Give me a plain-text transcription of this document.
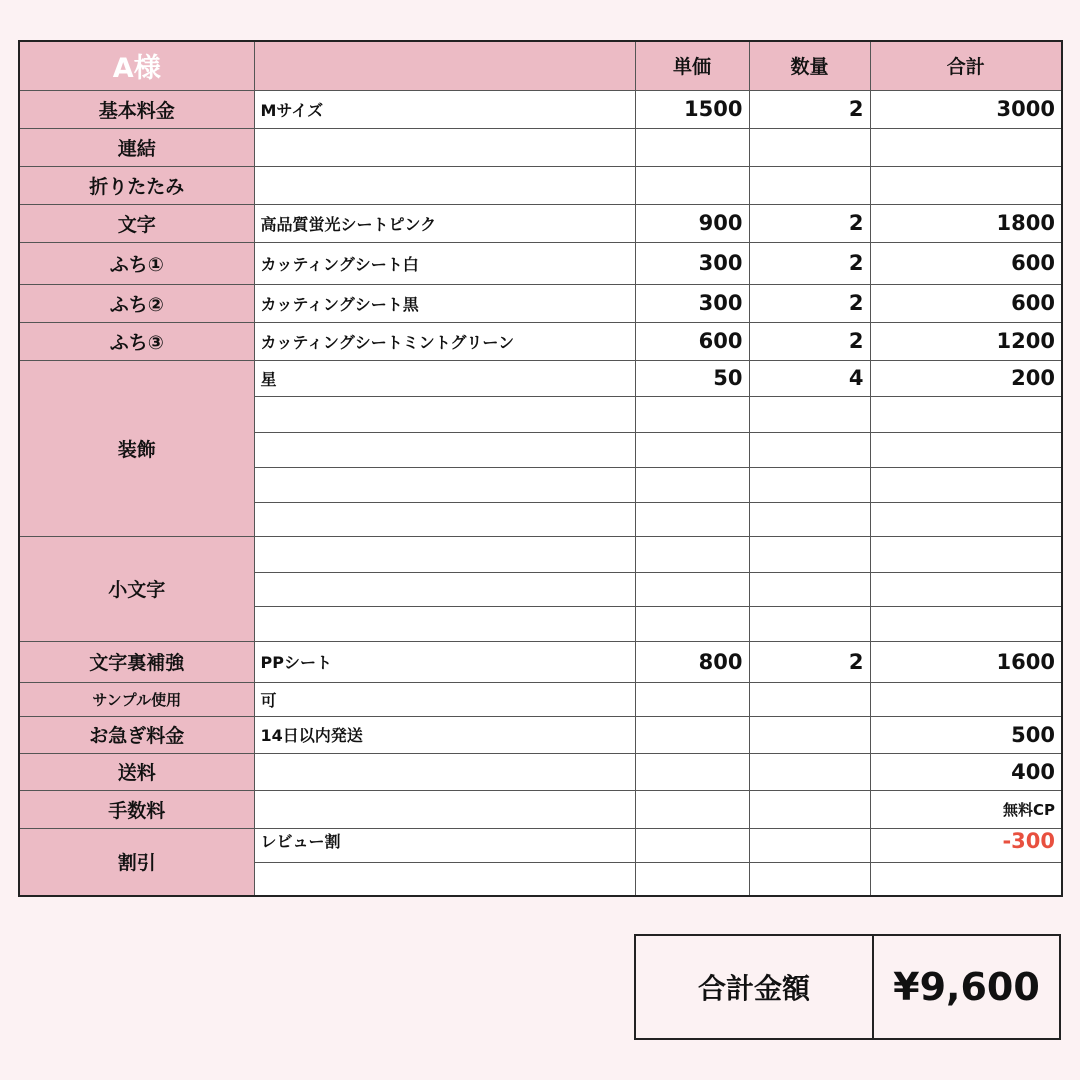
A様		単価	数量	合計
基本料金	Mサイズ	1500	2	3000
連結				
折りたたみ				
文字	高品質蛍光シートピンク	900	2	1800
ふち①	カッティングシート白	300	2	600
ふち②	カッティングシート黒	300	2	600
ふち③	カッティングシートミントグリーン	600	2	1200
装飾	星	50	4	200

小文字				

文字裏補強	PPシート	800	2	1600
サンプル使用	可			
お急ぎ料金	14日以内発送			500
送料				400
手数料				無料CP
割引	レビュー割			-300

合計金額	¥9,600
